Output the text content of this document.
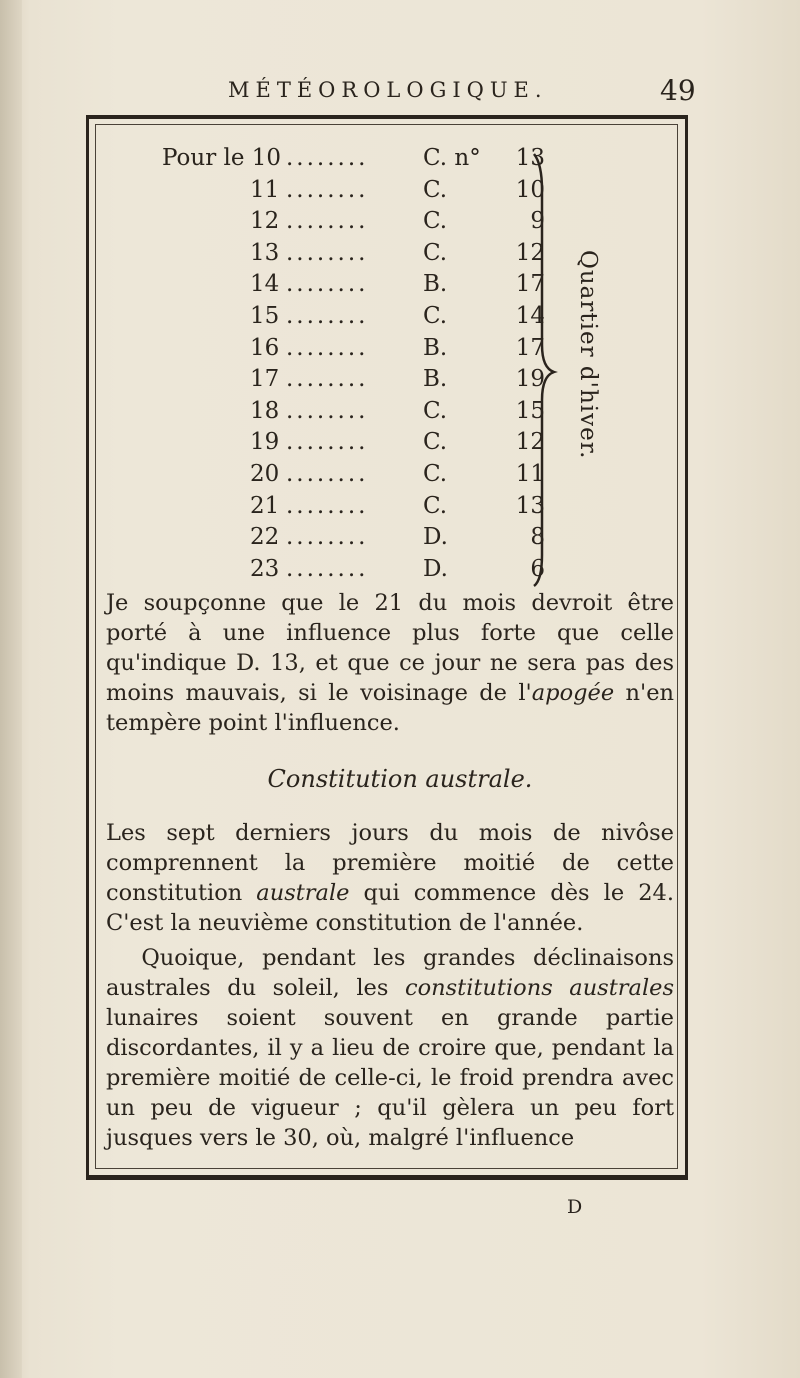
MÉTÉOROLOGIQUE.	49
Pour le 10 ........ C. n°	13
11 ........ C.	10
12 ........ C.	9
13 ........ C.	12
14 ........ B.	17
15 ........ C.	14
16 ........ B.	17
17 ........ B.	19
18 ........ C.	15
19 ........ C.	12
20 ........ C.	11
21 ........ C.	13
22 ........ D.	8
23 ........ D.	6
Quartier d'hiver.

Je soupçonne que le 21 du mois devroit être porté à une influence plus forte que celle qu'indique D. 13, et que ce jour ne sera pas des moins mauvais, si le voisinage de l'apogée n'en tempère point l'influence.

Constitution australe.

Les sept derniers jours du mois de nivôse comprennent la première moitié de cette constitution australe qui commence dès le 24. C'est la neuvième constitution de l'année.

Quoique, pendant les grandes déclinaisons australes du soleil, les constitutions australes lunaires soient souvent en grande partie discordantes, il y a lieu de croire que, pendant la première moitié de celle-ci, le froid prendra avec un peu de vigueur ; qu'il gèlera un peu fort jusques vers le 30, où, malgré l'influence

D
